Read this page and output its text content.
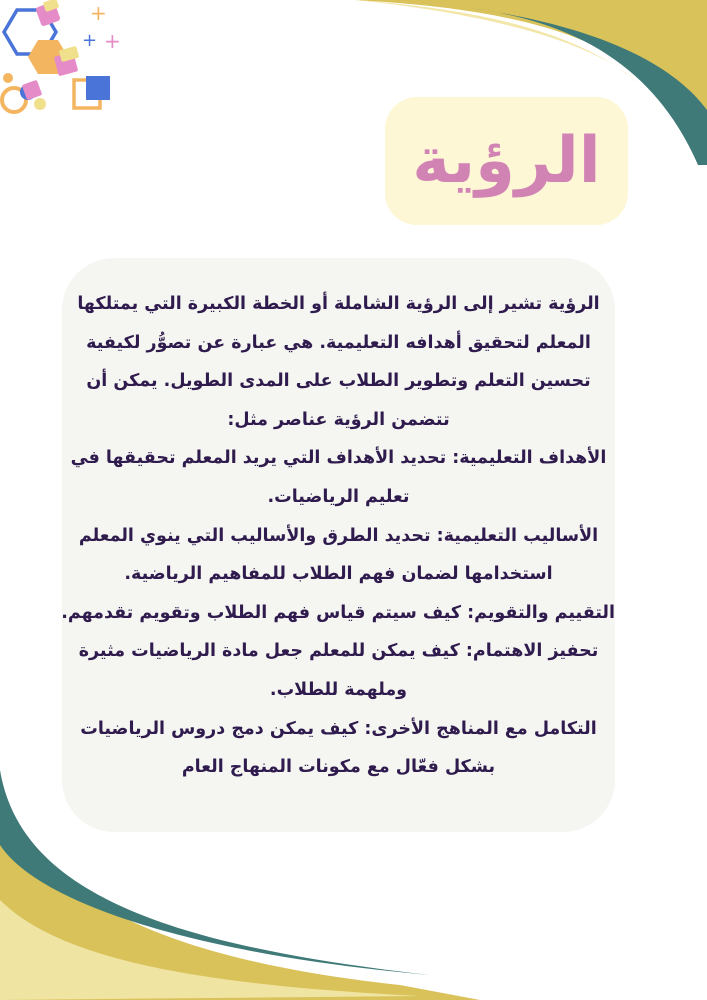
+
+ +
الرؤية
الرؤية تشير إلى الرؤية الشاملة أو الخطة الكبيرة التي يمتلكها
المعلم لتحقيق أهدافه التعليمية. هي عبارة عن تصوُّر لكيفية
تحسين التعلم وتطوير الطلاب على المدى الطويل. يمكن أن
تتضمن الرؤية عناصر مثل:
الأهداف التعليمية: تحديد الأهداف التي يريد المعلم تحقيقها في
تعليم الرياضيات.
الأساليب التعليمية: تحديد الطرق والأساليب التي ينوي المعلم
استخدامها لضمان فهم الطلاب للمفاهيم الرياضية.
التقييم والتقويم: كيف سيتم قياس فهم الطلاب وتقويم تقدمهم.
تحفيز الاهتمام: كيف يمكن للمعلم جعل مادة الرياضيات مثيرة
وملهمة للطلاب.
التكامل مع المناهج الأخرى: كيف يمكن دمج دروس الرياضيات
بشكل فعّال مع مكونات المنهاج العام
